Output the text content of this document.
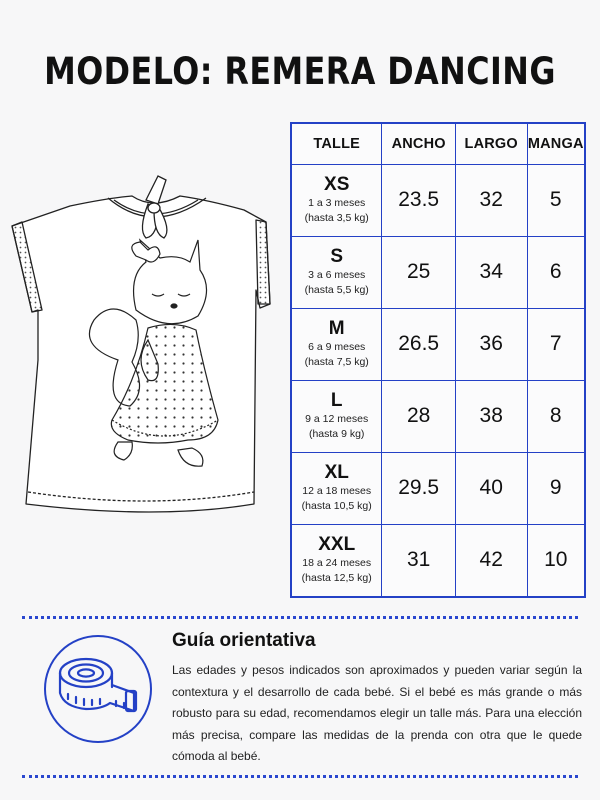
MODELO: REMERA DANCING
TALLE	ANCHO	LARGO	MANGA

XS
1 a 3 meses
(hasta 3,5 kg)	23.5	32	5

S
3 a 6 meses
(hasta 5,5 kg)	25	34	6

M
6 a 9 meses
(hasta 7,5 kg)	26.5	36	7

L
9 a 12 meses
(hasta 9 kg)	28	38	8

XL
12 a 18 meses
(hasta 10,5 kg)	29.5	40	9

XXL
18 a 24 meses
(hasta 12,5 kg)	31	42	10
Guía orientativa
Las edades y pesos indicados son aproximados y pueden variar según la contextura y el desarrollo de cada bebé. Si el bebé es más grande o más robusto para su edad, recomendamos elegir un talle más. Para una elección más precisa, compare las medidas de la prenda con otra que le quede cómoda al bebé.
